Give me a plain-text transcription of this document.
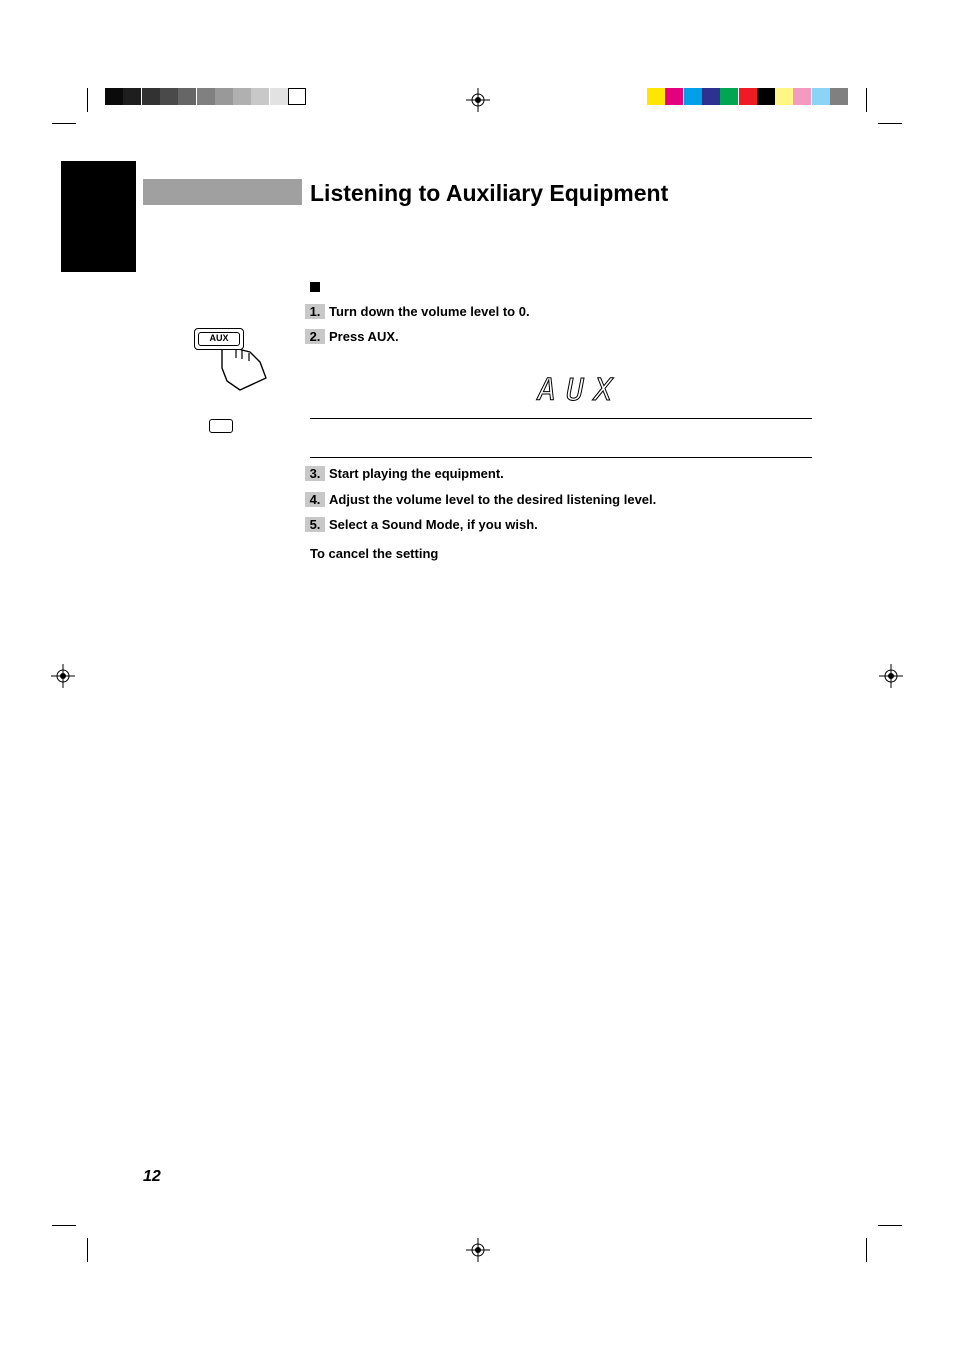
Listening to Auxiliary Equipment
1. Turn down the volume level to 0.
2. Press AUX.
AUX
AUX
3. Start playing the equipment.
4. Adjust the volume level to the desired listening level.
5. Select a Sound Mode, if you wish.
To cancel the setting
12
